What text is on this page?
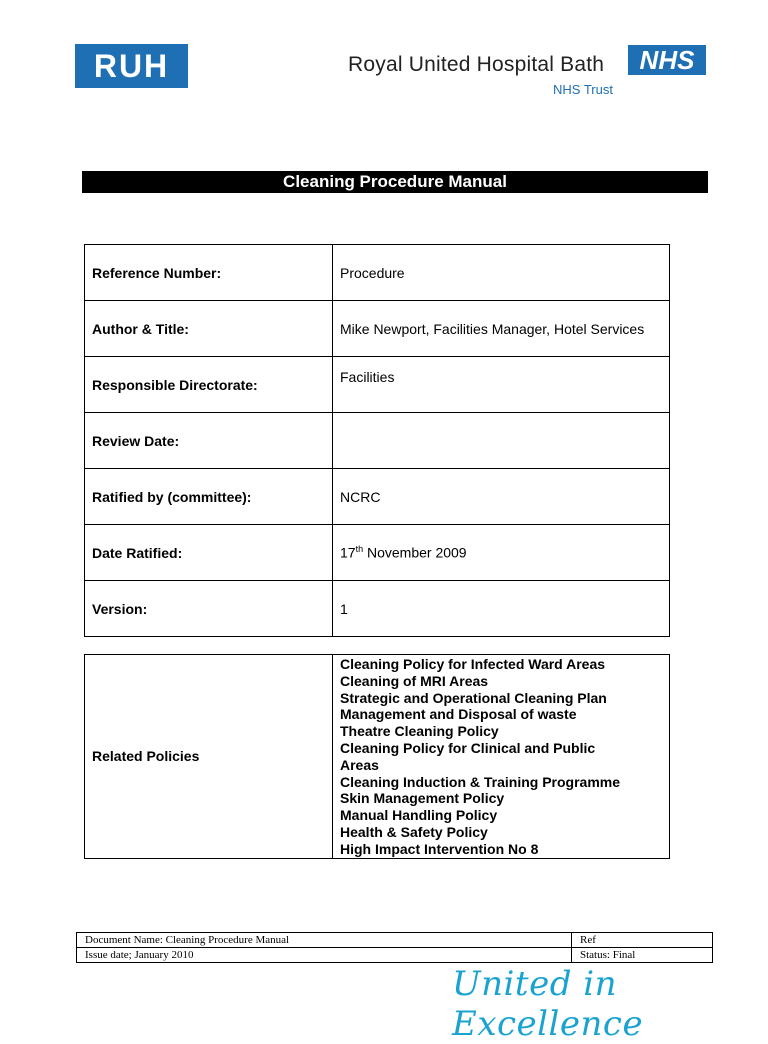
RUH	Royal United Hospital Bath	NHS
NHS Trust
Cleaning Procedure Manual
Reference Number:	Procedure
Author & Title:	Mike Newport, Facilities Manager, Hotel Services
Responsible Directorate:	Facilities
Review Date:	
Ratified by (committee):	NCRC
Date Ratified:	17th November 2009
Version:	1
Related Policies	
Cleaning Policy for Infected Ward Areas
Cleaning of MRI Areas
Strategic and Operational Cleaning Plan
Management and Disposal of waste
Theatre Cleaning Policy
Cleaning Policy for Clinical and Public
Areas
Cleaning Induction & Training Programme
Skin Management Policy
Manual Handling Policy
Health & Safety Policy
High Impact Intervention No 8
Document Name: Cleaning Procedure Manual	Ref
Issue date; January 2010	Status: Final
United in Excellence
